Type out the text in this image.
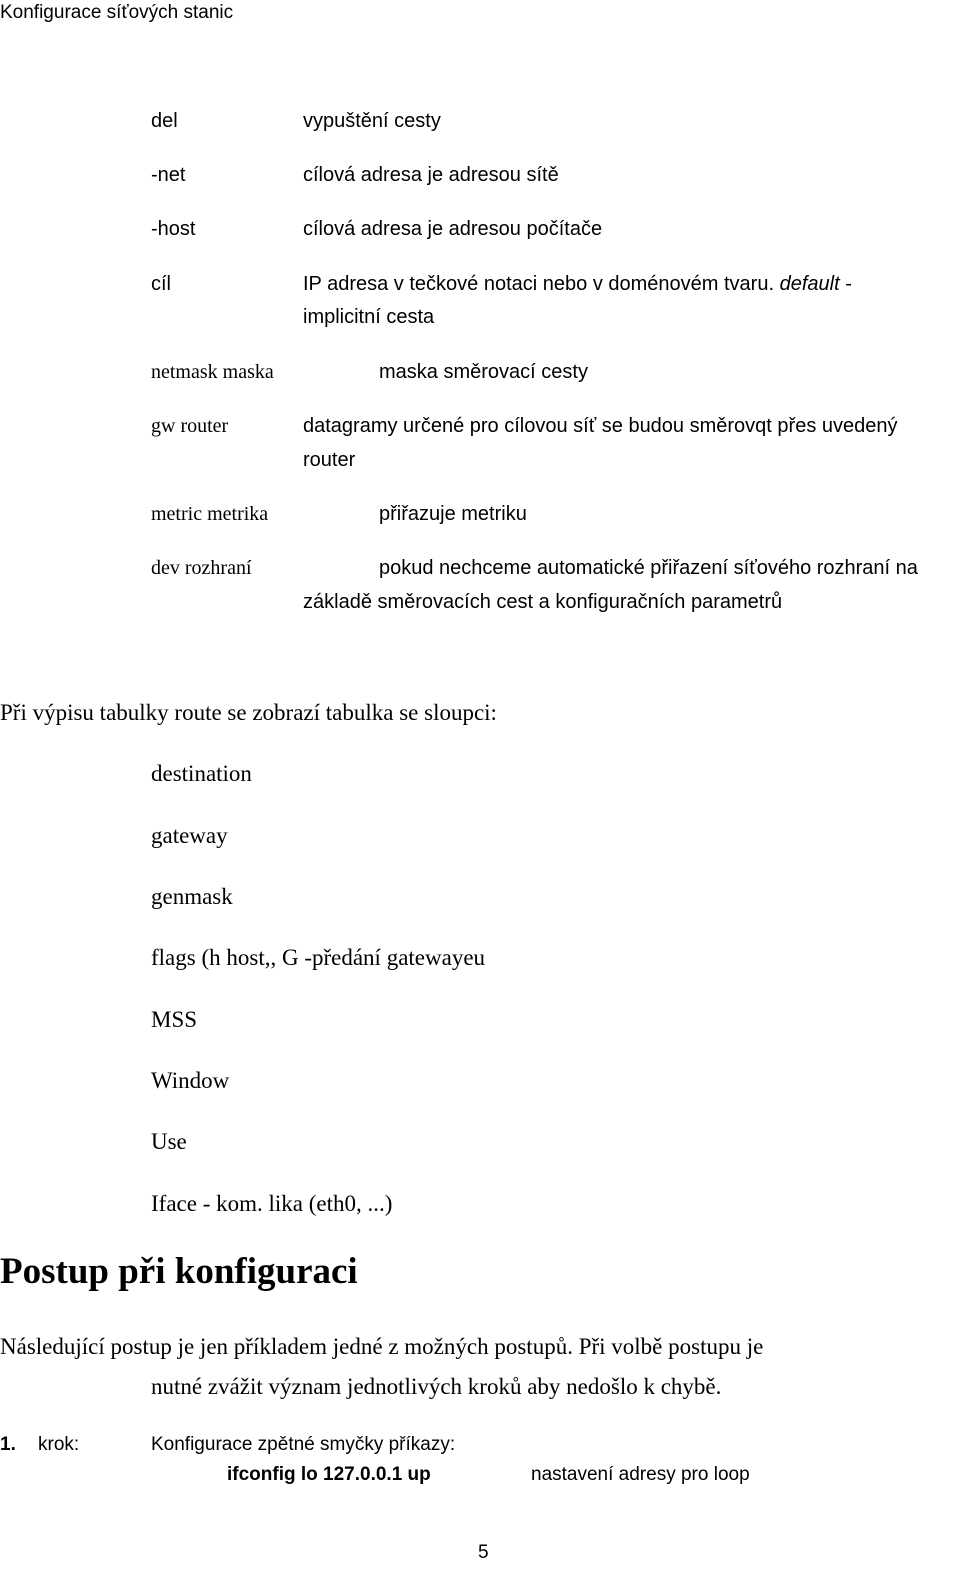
Konfigurace síťových stanic
del	vypuštění cesty
-net	cílová adresa je adresou sítě
-host	cílová adresa je adresou počítače
cíl	IP adresa v tečkové notaci nebo v doménovém tvaru. default -
implicitní cesta
netmask maska	maska směrovací cesty
gw router	datagramy určené pro cílovou síť se budou směrovqt přes uvedený
router
metric metrika	přiřazuje metriku
dev rozhraní	pokud nechceme automatické přiřazení síťového rozhraní na
základě směrovacích cest a konfiguračních parametrů
Při výpisu tabulky route se zobrazí tabulka se sloupci:
destination
gateway
genmask
flags (h host,, G -předání gatewayeu
MSS
Window
Use
Iface - kom. lika (eth0, ...)
Postup při konfiguraci
Následující postup je jen příkladem jedné z možných postupů. Při volbě postupu je
nutné zvážit význam jednotlivých kroků aby nedošlo k chybě.
1. krok:	Konfigurace zpětné smyčky příkazy:
ifconfig lo 127.0.0.1 up	nastavení adresy pro loop
5
